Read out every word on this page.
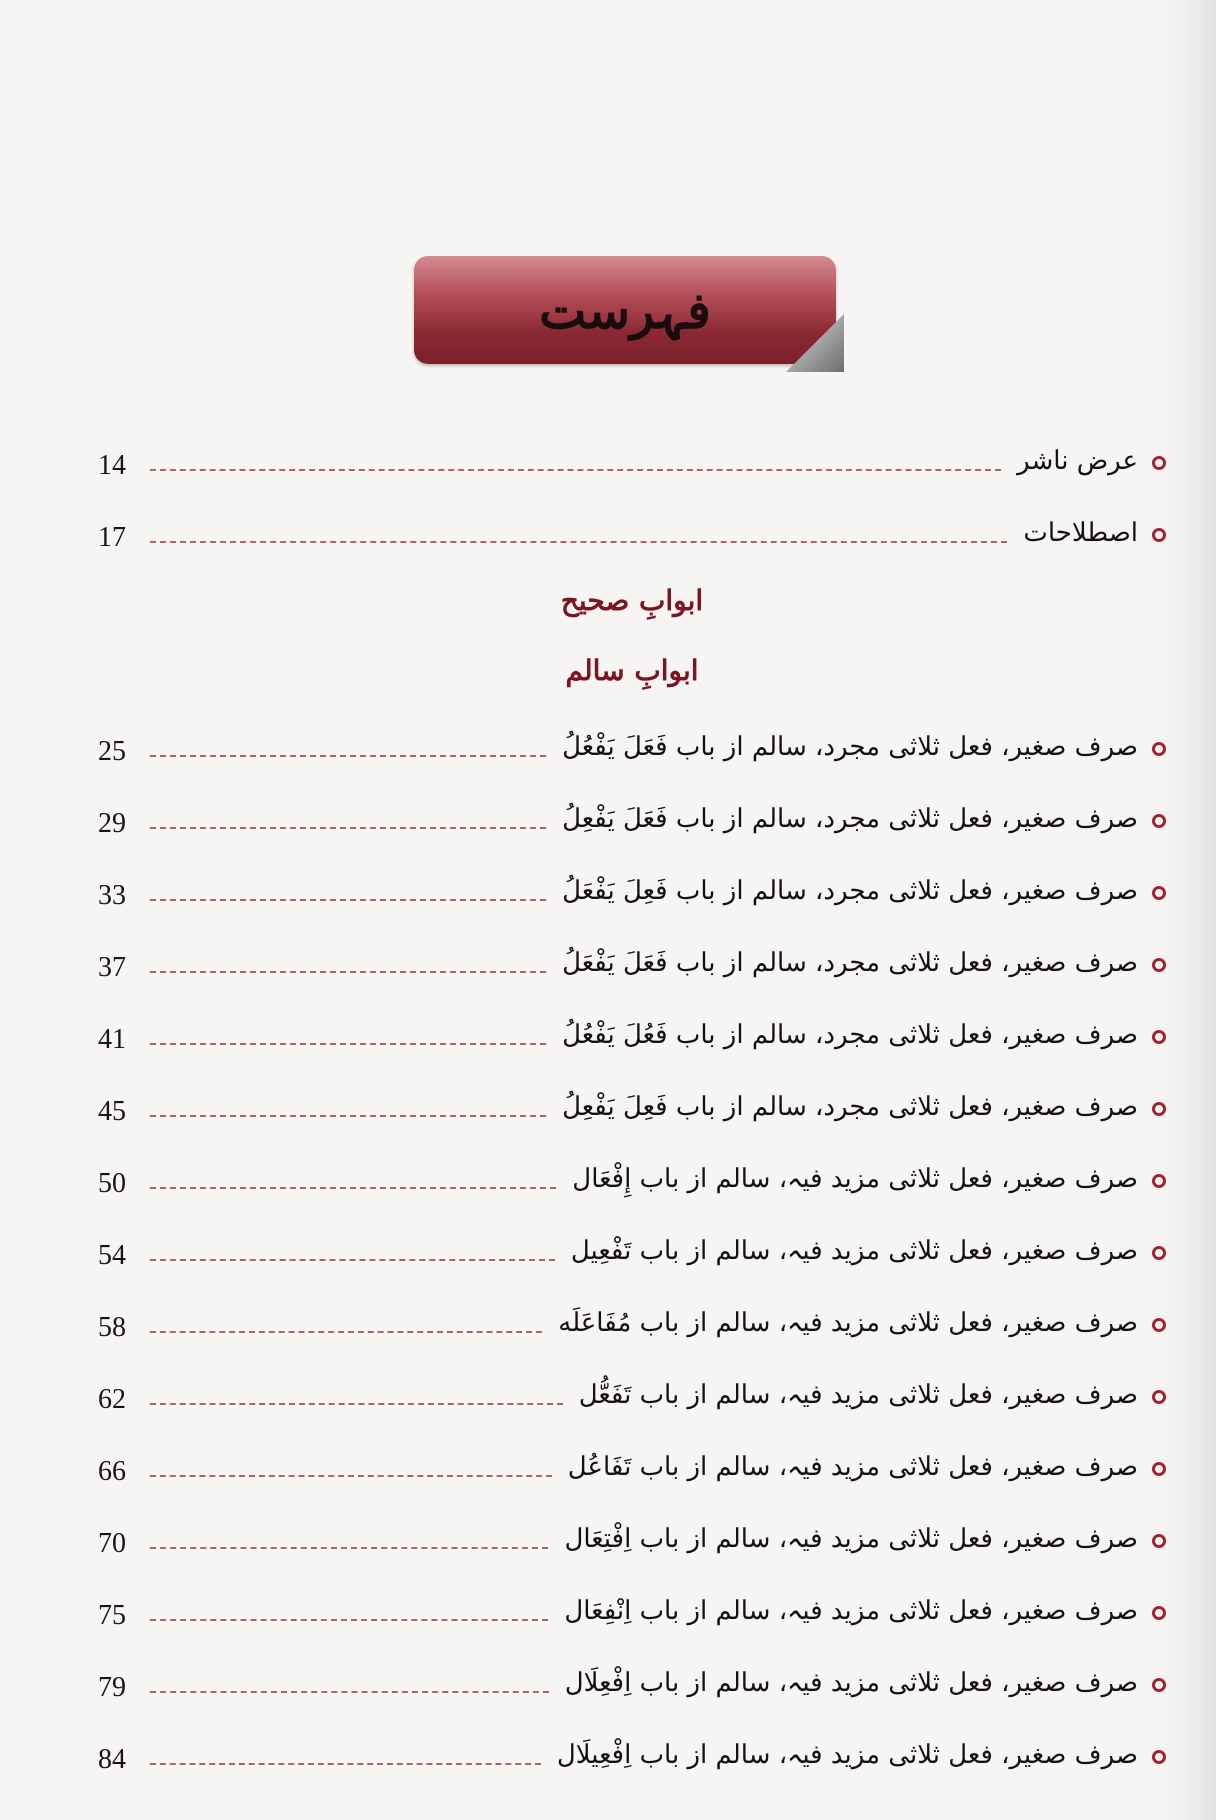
فہرست
عرض ناشر
14
اصطلاحات
17
ابوابِ صحیح
ابوابِ سالم
صرف صغیر، فعل ثلاثی مجرد، سالم از باب فَعَلَ یَفْعُلُ
25
صرف صغیر، فعل ثلاثی مجرد، سالم از باب فَعَلَ یَفْعِلُ
29
صرف صغیر، فعل ثلاثی مجرد، سالم از باب فَعِلَ یَفْعَلُ
33
صرف صغیر، فعل ثلاثی مجرد، سالم از باب فَعَلَ یَفْعَلُ
37
صرف صغیر، فعل ثلاثی مجرد، سالم از باب فَعُلَ یَفْعُلُ
41
صرف صغیر، فعل ثلاثی مجرد، سالم از باب فَعِلَ یَفْعِلُ
45
صرف صغیر، فعل ثلاثی مزید فیہ، سالم از باب إِفْعَال
50
صرف صغیر، فعل ثلاثی مزید فیہ، سالم از باب تَفْعِیل
54
صرف صغیر، فعل ثلاثی مزید فیہ، سالم از باب مُفَاعَلَه
58
صرف صغیر، فعل ثلاثی مزید فیہ، سالم از باب تَفَعُّل
62
صرف صغیر، فعل ثلاثی مزید فیہ، سالم از باب تَفَاعُل
66
صرف صغیر، فعل ثلاثی مزید فیہ، سالم از باب اِفْتِعَال
70
صرف صغیر، فعل ثلاثی مزید فیہ، سالم از باب اِنْفِعَال
75
صرف صغیر، فعل ثلاثی مزید فیہ، سالم از باب اِفْعِلَال
79
صرف صغیر، فعل ثلاثی مزید فیہ، سالم از باب اِفْعِيلَال
84
